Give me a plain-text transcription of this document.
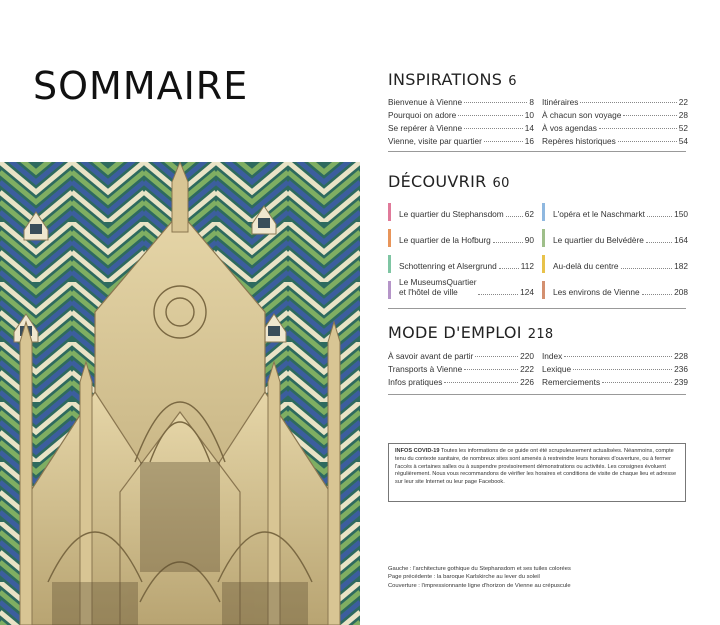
SOMMAIRE	INSPIRATIONS 6
Bienvenue à Vienne	8
Pourquoi on adore	10
Se repérer à Vienne	14
Vienne, visite par quartier	16
Itinéraires	22
À chacun son voyage	28
À vos agendas	52
Repères historiques	54
DÉCOUVRIR 60
Le quartier du Stephansdom	62
Le quartier de la Hofburg	90
Schottenring et Alsergrund	112
Le MuseumsQuartier
et l'hôtel de ville	124
L'opéra et le Naschmarkt	150
Le quartier du Belvédère	164
Au-delà du centre	182
Les environs de Vienne	208
MODE D'EMPLOI 218
À savoir avant de partir	220
Transports à Vienne	222
Infos pratiques	226
Index	228
Lexique	236
Remerciements	239
INFOS COVID-19 Toutes les informations de ce guide ont été scrupuleusement actualisées. Néanmoins, compte tenu du contexte sanitaire, de nombreux sites sont amenés à restreindre leurs horaires d'ouverture, ou à fermer l'accès à certaines salles ou à suspendre provisoirement démonstrations ou activités. Les consignes évoluent régulièrement. Nous vous recommandons de vérifier les horaires et conditions de visite de chaque lieu et adresse sur leur site Internet ou leur page Facebook.
Gauche : l'architecture gothique du Stephansdom et ses tuiles colorées
Page précédente : la baroque Karlskirche au lever du soleil
Couverture : l'impressionnante ligne d'horizon de Vienne au crépuscule
